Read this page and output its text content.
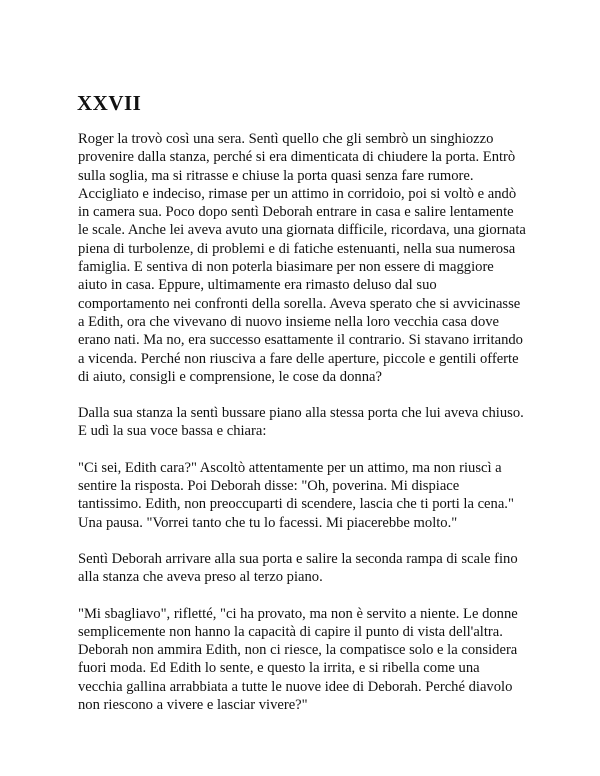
XXVII

Roger la trovò così una sera. Sentì quello che gli sembrò un singhiozzo provenire dalla stanza, perché si era dimenticata di chiudere la porta. Entrò sulla soglia, ma si ritrasse e chiuse la porta quasi senza fare rumore. Accigliato e indeciso, rimase per un attimo in corridoio, poi si voltò e andò in camera sua. Poco dopo sentì Deborah entrare in casa e salire lentamente le scale. Anche lei aveva avuto una giornata difficile, ricordava, una giornata piena di turbolenze, di problemi e di fatiche estenuanti, nella sua numerosa famiglia. E sentiva di non poterla biasimare per non essere di maggiore aiuto in casa. Eppure, ultimamente era rimasto deluso dal suo comportamento nei confronti della sorella. Aveva sperato che si avvicinasse a Edith, ora che vivevano di nuovo insieme nella loro vecchia casa dove erano nati. Ma no, era successo esattamente il contrario. Si stavano irritando a vicenda. Perché non riusciva a fare delle aperture, piccole e gentili offerte di aiuto, consigli e comprensione, le cose da donna?

Dalla sua stanza la sentì bussare piano alla stessa porta che lui aveva chiuso. E udì la sua voce bassa e chiara:

"Ci sei, Edith cara?" Ascoltò attentamente per un attimo, ma non riuscì a sentire la risposta. Poi Deborah disse: "Oh, poverina. Mi dispiace tantissimo. Edith, non preoccuparti di scendere, lascia che ti porti la cena." Una pausa. "Vorrei tanto che tu lo facessi. Mi piacerebbe molto."

Sentì Deborah arrivare alla sua porta e salire la seconda rampa di scale fino alla stanza che aveva preso al terzo piano.

"Mi sbagliavo", rifletté, "ci ha provato, ma non è servito a niente. Le donne semplicemente non hanno la capacità di capire il punto di vista dell'altra. Deborah non ammira Edith, non ci riesce, la compatisce solo e la considera fuori moda. Ed Edith lo sente, e questo la irrita, e si ribella come una vecchia gallina arrabbiata a tutte le nuove idee di Deborah. Perché diavolo non riescono a vivere e lasciar vivere?"
